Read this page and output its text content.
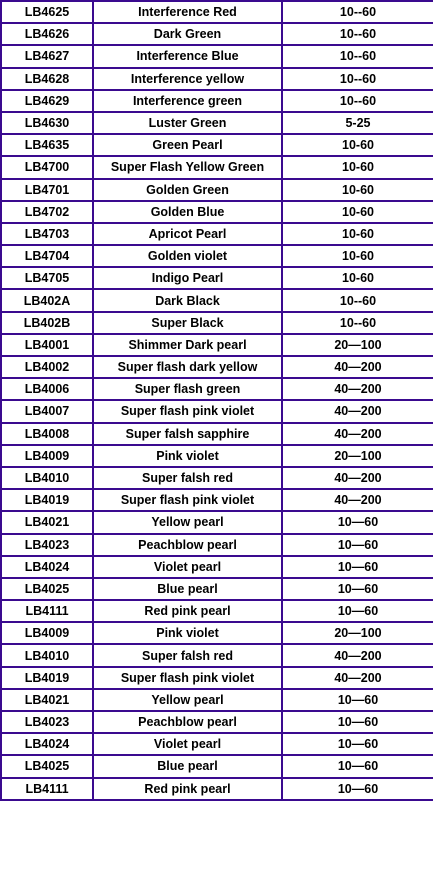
LB4625	Interference Red	10--60
LB4626	Dark Green	10--60
LB4627	Interference Blue	10--60
LB4628	Interference yellow	10--60
LB4629	Interference green	10--60
LB4630	Luster Green	5-25
LB4635	Green Pearl	10-60
LB4700	Super Flash Yellow Green	10-60
LB4701	Golden Green	10-60
LB4702	Golden Blue	10-60
LB4703	Apricot Pearl	10-60
LB4704	Golden violet	10-60
LB4705	Indigo Pearl	10-60
LB402A	Dark Black	10--60
LB402B	Super Black	10--60
LB4001	Shimmer Dark pearl	20—100
LB4002	Super flash dark yellow	40—200
LB4006	Super flash green	40—200
LB4007	Super flash pink violet	40—200
LB4008	Super falsh sapphire	40—200
LB4009	Pink violet	20—100
LB4010	Super falsh red	40—200
LB4019	Super flash pink violet	40—200
LB4021	Yellow pearl	10—60
LB4023	Peachblow pearl	10—60
LB4024	Violet pearl	10—60
LB4025	Blue pearl	10—60
LB4111	Red pink pearl	10—60
LB4009	Pink violet	20—100
LB4010	Super falsh red	40—200
LB4019	Super flash pink violet	40—200
LB4021	Yellow pearl	10—60
LB4023	Peachblow pearl	10—60
LB4024	Violet pearl	10—60
LB4025	Blue pearl	10—60
LB4111	Red pink pearl	10—60
